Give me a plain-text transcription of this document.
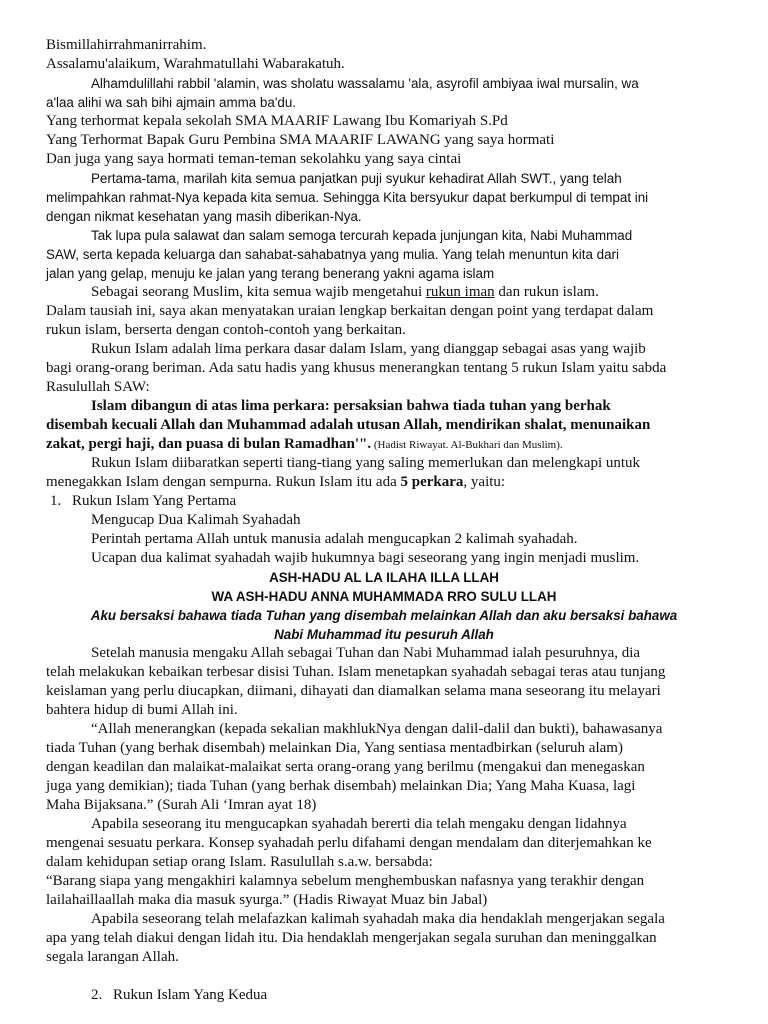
Bismillahirrahmanirrahim.
Assalamu'alaikum, Warahmatullahi Wabarakatuh.
Alhamdulillahi rabbil 'alamin, was sholatu wassalamu 'ala, asyrofil ambiyaa iwal mursalin, wa
a'laa alihi wa sah bihi ajmain amma ba'du.
Yang terhormat kepala sekolah SMA MAARIF Lawang Ibu Komariyah S.Pd
Yang Terhormat Bapak Guru Pembina SMA MAARIF LAWANG yang saya hormati
Dan juga yang saya hormati teman-teman sekolahku yang saya cintai
Pertama-tama, marilah kita semua panjatkan puji syukur kehadirat Allah SWT., yang telah
melimpahkan rahmat-Nya kepada kita semua. Sehingga Kita bersyukur dapat berkumpul di tempat ini
dengan nikmat kesehatan yang masih diberikan-Nya.
Tak lupa pula salawat dan salam semoga tercurah kepada junjungan kita, Nabi Muhammad
SAW, serta kepada keluarga dan sahabat-sahabatnya yang mulia. Yang telah menuntun kita dari
jalan yang gelap, menuju ke jalan yang terang benerang yakni agama islam
Sebagai seorang Muslim, kita semua wajib mengetahui rukun iman dan rukun islam.
Dalam tausiah ini, saya akan menyatakan uraian lengkap berkaitan dengan point yang terdapat dalam
rukun islam, berserta dengan contoh-contoh yang berkaitan.
Rukun Islam adalah lima perkara dasar dalam Islam, yang dianggap sebagai asas yang wajib
bagi orang-orang beriman. Ada satu hadis yang khusus menerangkan tentang 5 rukun Islam yaitu sabda
Rasulullah SAW:
Islam dibangun di atas lima perkara: persaksian bahwa tiada tuhan yang berhak
disembah kecuali Allah dan Muhammad adalah utusan Allah, mendirikan shalat, menunaikan
zakat, pergi haji, dan puasa di bulan Ramadhan'". (Hadist Riwayat. Al-Bukhari dan Muslim).
Rukun Islam diibaratkan seperti tiang-tiang yang saling memerlukan dan melengkapi untuk
menegakkan Islam dengan sempurna. Rukun Islam itu ada 5 perkara, yaitu:
1. Rukun Islam Yang Pertama
Mengucap Dua Kalimah Syahadah
Perintah pertama Allah untuk manusia adalah mengucapkan 2 kalimah syahadah.
Ucapan dua kalimat syahadah wajib hukumnya bagi seseorang yang ingin menjadi muslim.
ASH-HADU AL LA ILAHA ILLA LLAH
WA ASH-HADU ANNA MUHAMMADA RRO SULU LLAH
Aku bersaksi bahawa tiada Tuhan yang disembah melainkan Allah dan aku bersaksi bahawa
Nabi Muhammad itu pesuruh Allah
Setelah manusia mengaku Allah sebagai Tuhan dan Nabi Muhammad ialah pesuruhnya, dia
telah melakukan kebaikan terbesar disisi Tuhan. Islam menetapkan syahadah sebagai teras atau tunjang
keislaman yang perlu diucapkan, diimani, dihayati dan diamalkan selama mana seseorang itu melayari
bahtera hidup di bumi Allah ini.
“Allah menerangkan (kepada sekalian makhlukNya dengan dalil-dalil dan bukti), bahawasanya
tiada Tuhan (yang berhak disembah) melainkan Dia, Yang sentiasa mentadbirkan (seluruh alam)
dengan keadilan dan malaikat-malaikat serta orang-orang yang berilmu (mengakui dan menegaskan
juga yang demikian); tiada Tuhan (yang berhak disembah) melainkan Dia; Yang Maha Kuasa, lagi
Maha Bijaksana.” (Surah Ali ‘Imran ayat 18)
Apabila seseorang itu mengucapkan syahadah bererti dia telah mengaku dengan lidahnya
mengenai sesuatu perkara. Konsep syahadah perlu difahami dengan mendalam dan diterjemahkan ke
dalam kehidupan setiap orang Islam. Rasulullah s.a.w. bersabda:
“Barang siapa yang mengakhiri kalamnya sebelum menghembuskan nafasnya yang terakhir dengan
lailahaillaallah maka dia masuk syurga.” (Hadis Riwayat Muaz bin Jabal)
Apabila seseorang telah melafazkan kalimah syahadah maka dia hendaklah mengerjakan segala
apa yang telah diakui dengan lidah itu. Dia hendaklah mengerjakan segala suruhan dan meninggalkan
segala larangan Allah.
2. Rukun Islam Yang Kedua
